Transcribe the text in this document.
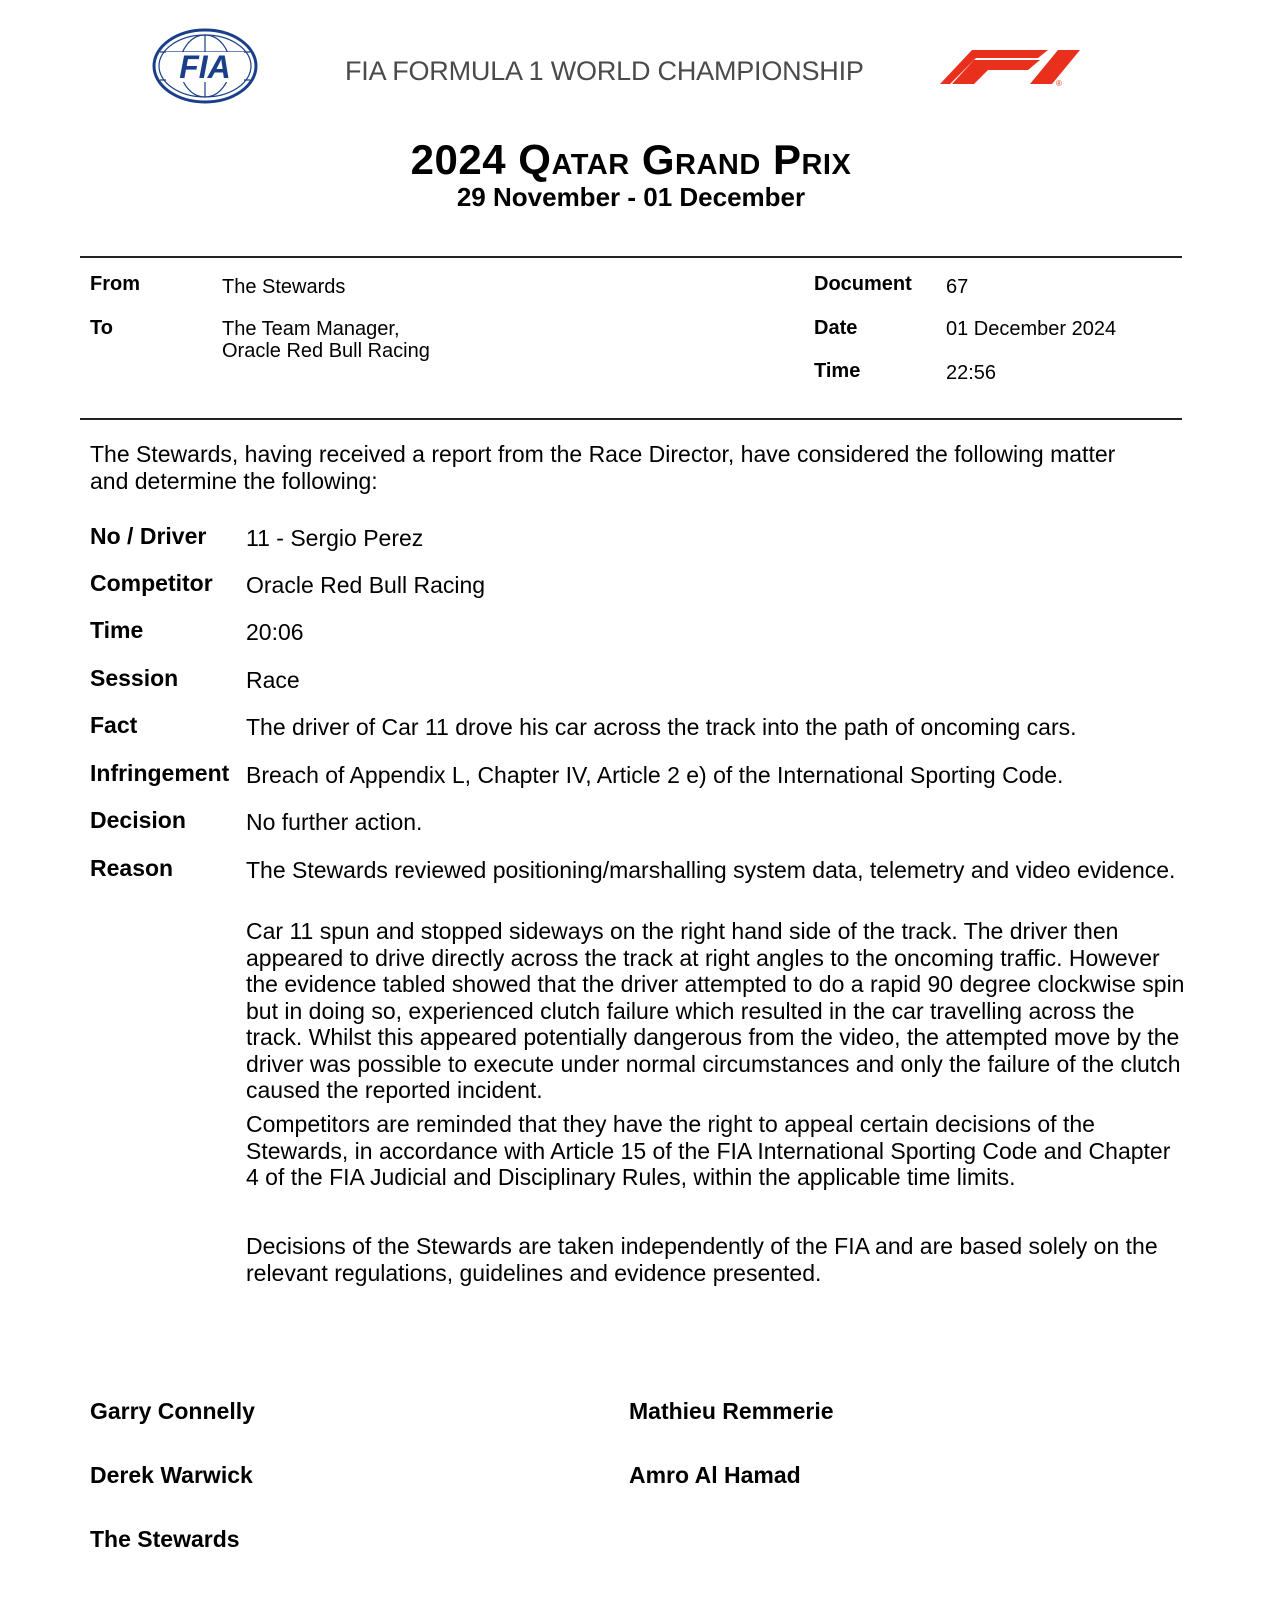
FIA	FIA FORMULA 1 WORLD CHAMPIONSHIP	®
2024 Qatar Grand Prix
29 November - 01 December
From	The Stewards
To	The Team Manager,
Oracle Red Bull Racing
Document 67
Date	01 December 2024
Time	22:56
The Stewards, having received a report from the Race Director, have considered the following matter and determine the following:
No / Driver 11 - Sergio Perez
Competitor Oracle Red Bull Racing
Time	20:06
Session	Race
Fact	The driver of Car 11 drove his car across the track into the path of oncoming cars.
Infringement Breach of Appendix L, Chapter IV, Article 2 e) of the International Sporting Code.
Decision	No further action.
Reason	The Stewards reviewed positioning/marshalling system data, telemetry and video evidence.
Car 11 spun and stopped sideways on the right hand side of the track. The driver then appeared to drive directly across the track at right angles to the oncoming traffic. However the evidence tabled showed that the driver attempted to do a rapid 90 degree clockwise spin but in doing so, experienced clutch failure which resulted in the car travelling across the track. Whilst this appeared potentially dangerous from the video, the attempted move by the driver was possible to execute under normal circumstances and only the failure of the clutch caused the reported incident.
Competitors are reminded that they have the right to appeal certain decisions of the Stewards, in accordance with Article 15 of the FIA International Sporting Code and Chapter 4 of the FIA Judicial and Disciplinary Rules, within the applicable time limits.
Decisions of the Stewards are taken independently of the FIA and are based solely on the relevant regulations, guidelines and evidence presented.
Garry Connelly	Mathieu Remmerie
Derek Warwick	Amro Al Hamad
The Stewards
